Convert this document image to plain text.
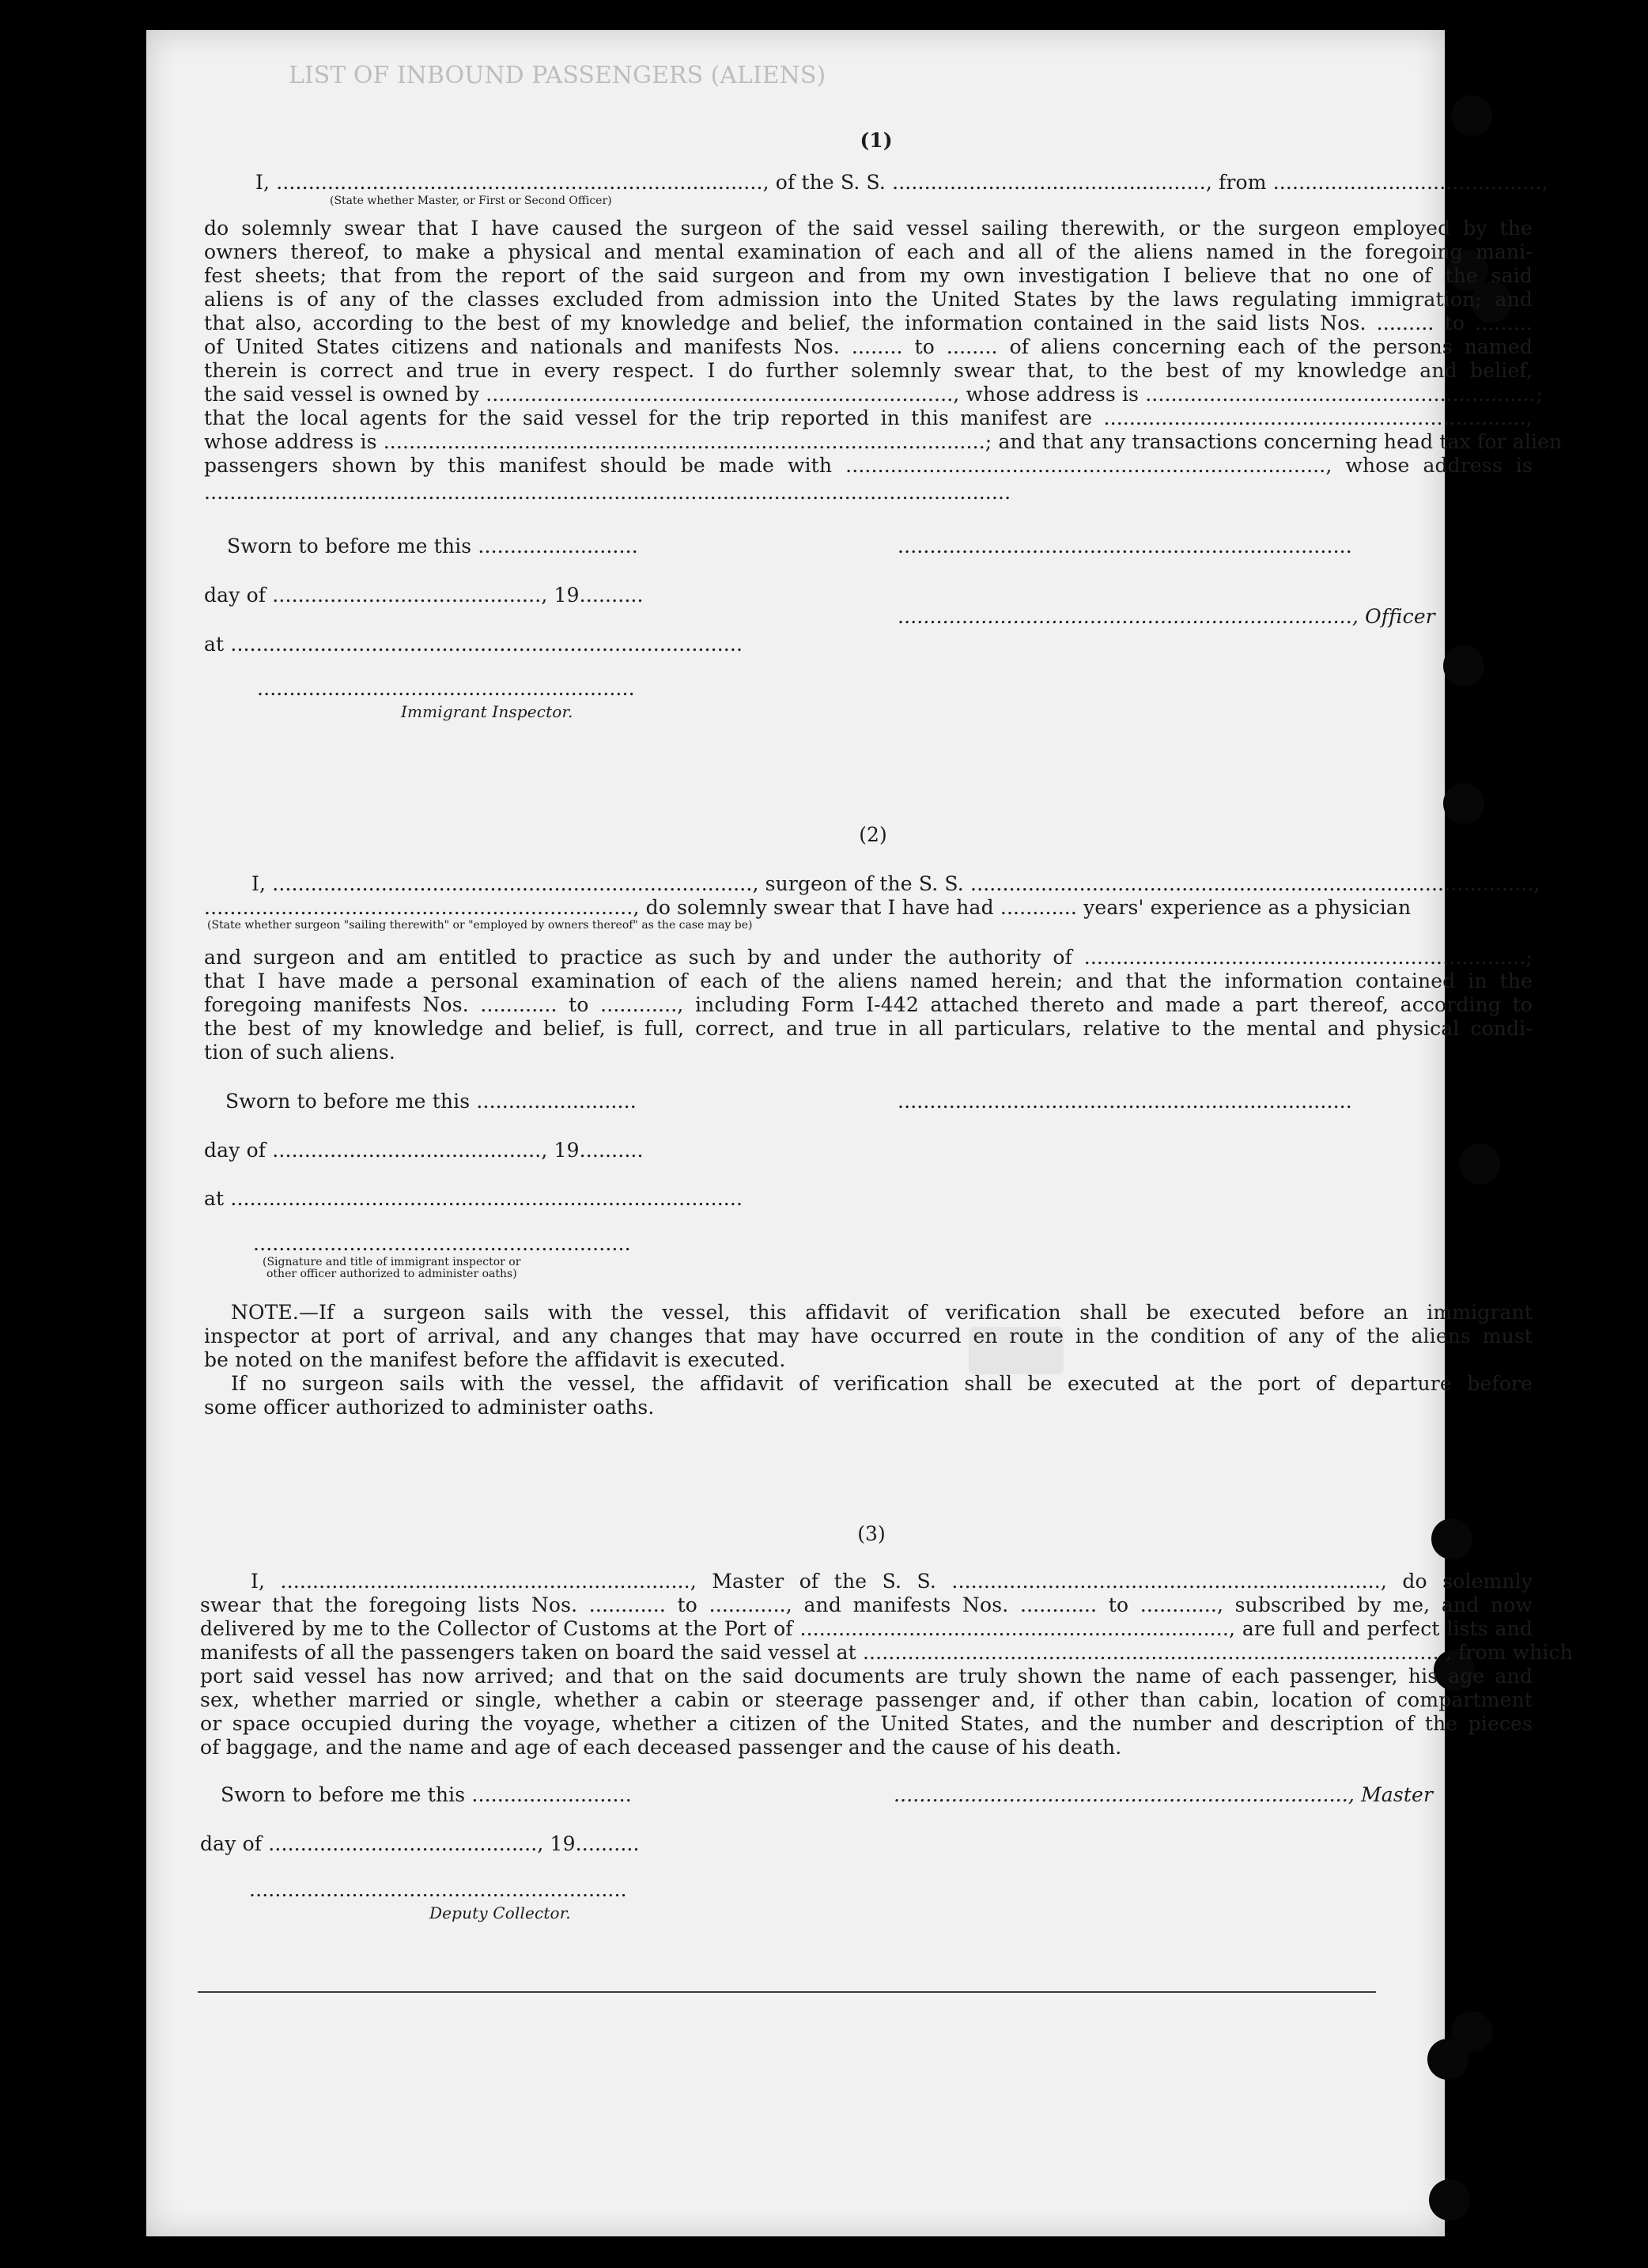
LIST OF INBOUND PASSENGERS (ALIENS)
(1)
I, ............................................................................, of the S. S. ................................................., from ..........................................,
(State whether Master, or First or Second Officer)
do solemnly swear that I have caused the surgeon of the said vessel sailing therewith, or the surgeon employed by the
owners thereof, to make a physical and mental examination of each and all of the aliens named in the foregoing mani-
fest sheets; that from the report of the said surgeon and from my own investigation I believe that no one of the said
aliens is of any of the classes excluded from admission into the United States by the laws regulating immigration; and
that also, according to the best of my knowledge and belief, the information contained in the said lists Nos. ......... to .........
of United States citizens and nationals and manifests Nos. ........ to ........ of aliens concerning each of the persons named
therein is correct and true in every respect. I do further solemnly swear that, to the best of my knowledge and belief,
the said vessel is owned by ........................................................................., whose address is .............................................................;
that the local agents for the said vessel for the trip reported in this manifest are ..................................................................,
whose address is ..............................................................................................; and that any transactions concerning head tax for alien
passengers shown by this manifest should be made with ..........................................................................., whose address is
..............................................................................................................................
Sworn to before me this .........................	.......................................................................
day of .........................................., 19..........
......................................................................., Officer
at ................................................................................
...........................................................
Immigrant Inspector.
(2)
I, ..........................................................................., surgeon of the S. S. ........................................................................................,
..................................................................., do solemnly swear that I have had ............ years' experience as a physician
(State whether surgeon "sailing therewith" or "employed by owners thereof" as the case may be)
and surgeon and am entitled to practice as such by and under the authority of .....................................................................;
that I have made a personal examination of each of the aliens named herein; and that the information contained in the
foregoing manifests Nos. ............ to ............, including Form I-442 attached thereto and made a part thereof, according to
the best of my knowledge and belief, is full, correct, and true in all particulars, relative to the mental and physical condi-
tion of such aliens.
Sworn to before me this .........................	.......................................................................
day of .........................................., 19..........
at ................................................................................
...........................................................
(Signature and title of immigrant inspector or
other officer authorized to administer oaths)
NOTE.—If a surgeon sails with the vessel, this affidavit of verification shall be executed before an immigrant
inspector at port of arrival, and any changes that may have occurred en route in the condition of any of the aliens must
be noted on the manifest before the affidavit is executed.
If no surgeon sails with the vessel, the affidavit of verification shall be executed at the port of departure before
some officer authorized to administer oaths.
(3)
I, ................................................................, Master of the S. S. ..................................................................., do solemnly
swear that the foregoing lists Nos. ............ to ............, and manifests Nos. ............ to ............, subscribed by me, and now
delivered by me to the Collector of Customs at the Port of ..................................................................., are full and perfect lists and
manifests of all the passengers taken on board the said vessel at .......................................................................................... , from which
port said vessel has now arrived; and that on the said documents are truly shown the name of each passenger, his age and
sex, whether married or single, whether a cabin or steerage passenger and, if other than cabin, location of compartment
or space occupied during the voyage, whether a citizen of the United States, and the number and description of the pieces
of baggage, and the name and age of each deceased passenger and the cause of his death.
Sworn to before me this .........................	......................................................................., Master
day of .........................................., 19..........
...........................................................
Deputy Collector.
